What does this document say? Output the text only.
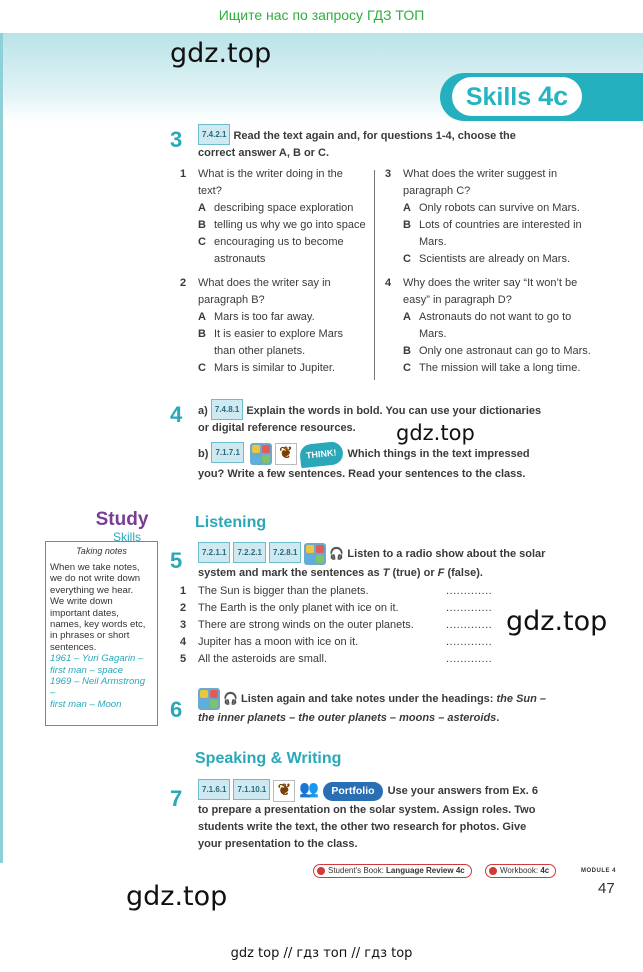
Ищите нас по запросу ГДЗ ТОП
gdz.top
Skills 4c
3	7.4.2.1 Read the text again and, for questions 1-4, choose the
correct answer A, B or C.
1 What is the writer doing in the
text?
A describing space exploration
B telling us why we go into space
C encouraging us to become
astronauts
2 What does the writer say in
paragraph B?
A Mars is too far away.
B It is easier to explore Mars
than other planets.
C Mars is similar to Jupiter.
3 What does the writer suggest in
paragraph C?
A Only robots can survive on Mars.
B Lots of countries are interested in
Mars.
C Scientists are already on Mars.
4 Why does the writer say “It won’t be
easy” in paragraph D?
A Astronauts do not want to go to
Mars.
B Only one astronaut can go to Mars.
C The mission will take a long time.
4 a) 7.4.8.1 Explain the words in bold. You can use your dictionaries
or digital reference resources.	gdz.top
b) 7.1.7.1 ❦ THINK! Which things in the text impressed
you? Write a few sentences. Read your sentences to the class.
Study
Skills
Taking notes
When we take notes,
we do not write down
everything we hear.
We write down
important dates,
names, key words etc,
in phrases or short
sentences.
1961 – Yuri Gagarin –
first man – space
1969 – Neil Armstrong –
first man – Moon
Listening
5	7.2.1.1 7.2.2.1 7.2.8.1	🎧 Listen to a radio show about the solar
system and mark the sentences as T (true) or F (false).
1 The Sun is bigger than the planets.	.............
2 The Earth is the only planet with ice on it.	.............
3 There are strong winds on the outer planets.	.............
4 Jupiter has a moon with ice on it.	.............
5 All the asteroids are small.	.............
gdz.top
6	🎧 Listen again and take notes under the headings: the Sun –
the inner planets – the outer planets – moons – asteroids.
Speaking & Writing
7	7.1.6.1 7.1.10.1 ❦ 👥 Portfolio Use your answers from Ex. 6
to prepare a presentation on the solar system. Assign roles. Two
students write the text, the other two research for photos. Give
your presentation to the class.
Student's Book: Language Review 4c	Workbook: 4c	MODULE 4
47
gdz.top
gdz top // гдз топ // гдз top
